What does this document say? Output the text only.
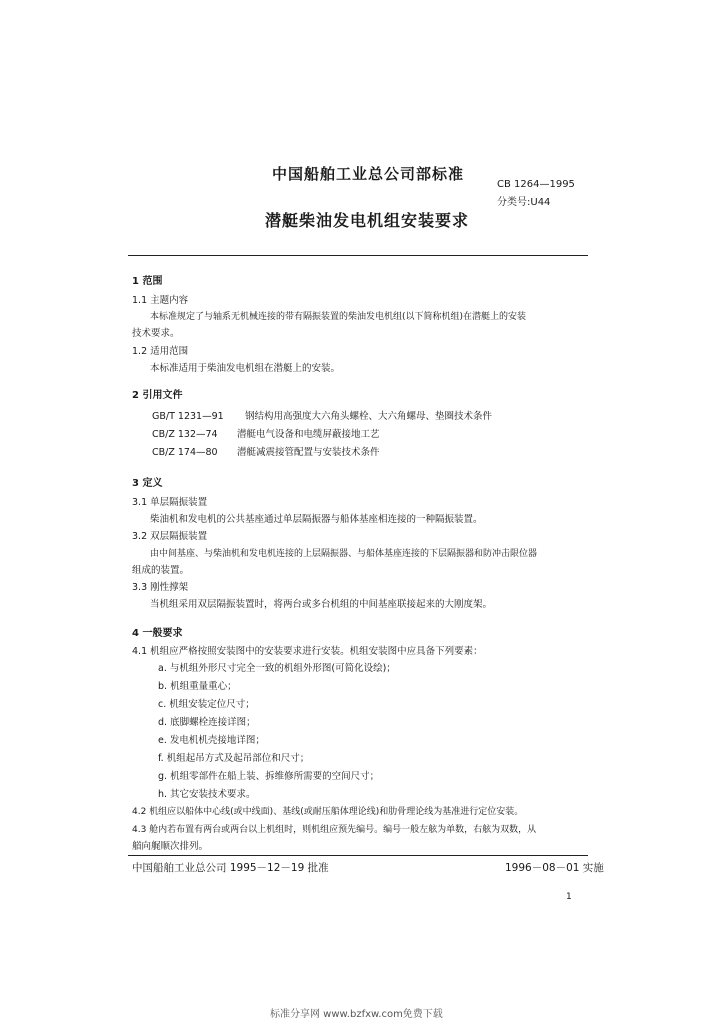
中国船舶工业总公司部标准
CB 1264—1995
分类号:U44
潜艇柴油发电机组安装要求
1 范围
1.1 主题内容
本标准规定了与轴系无机械连接的带有隔振装置的柴油发电机组(以下简称机组)在潜艇上的安装
技术要求。
1.2 适用范围
本标准适用于柴油发电机组在潜艇上的安装。
2 引用文件
GB/T 1231—91 钢结构用高强度大六角头螺栓、大六角螺母、垫圈技术条件
CB/Z 132—74 潜艇电气设备和电缆屏蔽接地工艺
CB/Z 174—80 潜艇减震接管配置与安装技术条件
3 定义
3.1 单层隔振装置
柴油机和发电机的公共基座通过单层隔振器与船体基座相连接的一种隔振装置。
3.2 双层隔振装置
由中间基座、与柴油机和发电机连接的上层隔振器、与船体基座连接的下层隔振器和防冲击限位器
组成的装置。
3.3 刚性撑架
当机组采用双层隔振装置时，将两台或多台机组的中间基座联接起来的大刚度架。
4 一般要求
4.1 机组应严格按照安装图中的安装要求进行安装。机组安装图中应具备下列要素：
a. 与机组外形尺寸完全一致的机组外形图(可简化设绘)；
b. 机组重量重心；
c. 机组安装定位尺寸；
d. 底脚螺栓连接详图；
e. 发电机机壳接地详图；
f. 机组起吊方式及起吊部位和尺寸；
g. 机组零部件在船上装、拆维修所需要的空间尺寸；
h. 其它安装技术要求。
4.2 机组应以船体中心线(或中线面)、基线(或耐压船体理论线)和肋骨理论线为基准进行定位安装。
4.3 舱内若布置有两台或两台以上机组时，则机组应预先编号。编号一般左舷为单数，右舷为双数，从
艏向艉顺次排列。
中国船舶工业总公司 1995－12－19 批准	1996－08－01 实施
1
标准分享网 www.bzfxw.com免费下载
